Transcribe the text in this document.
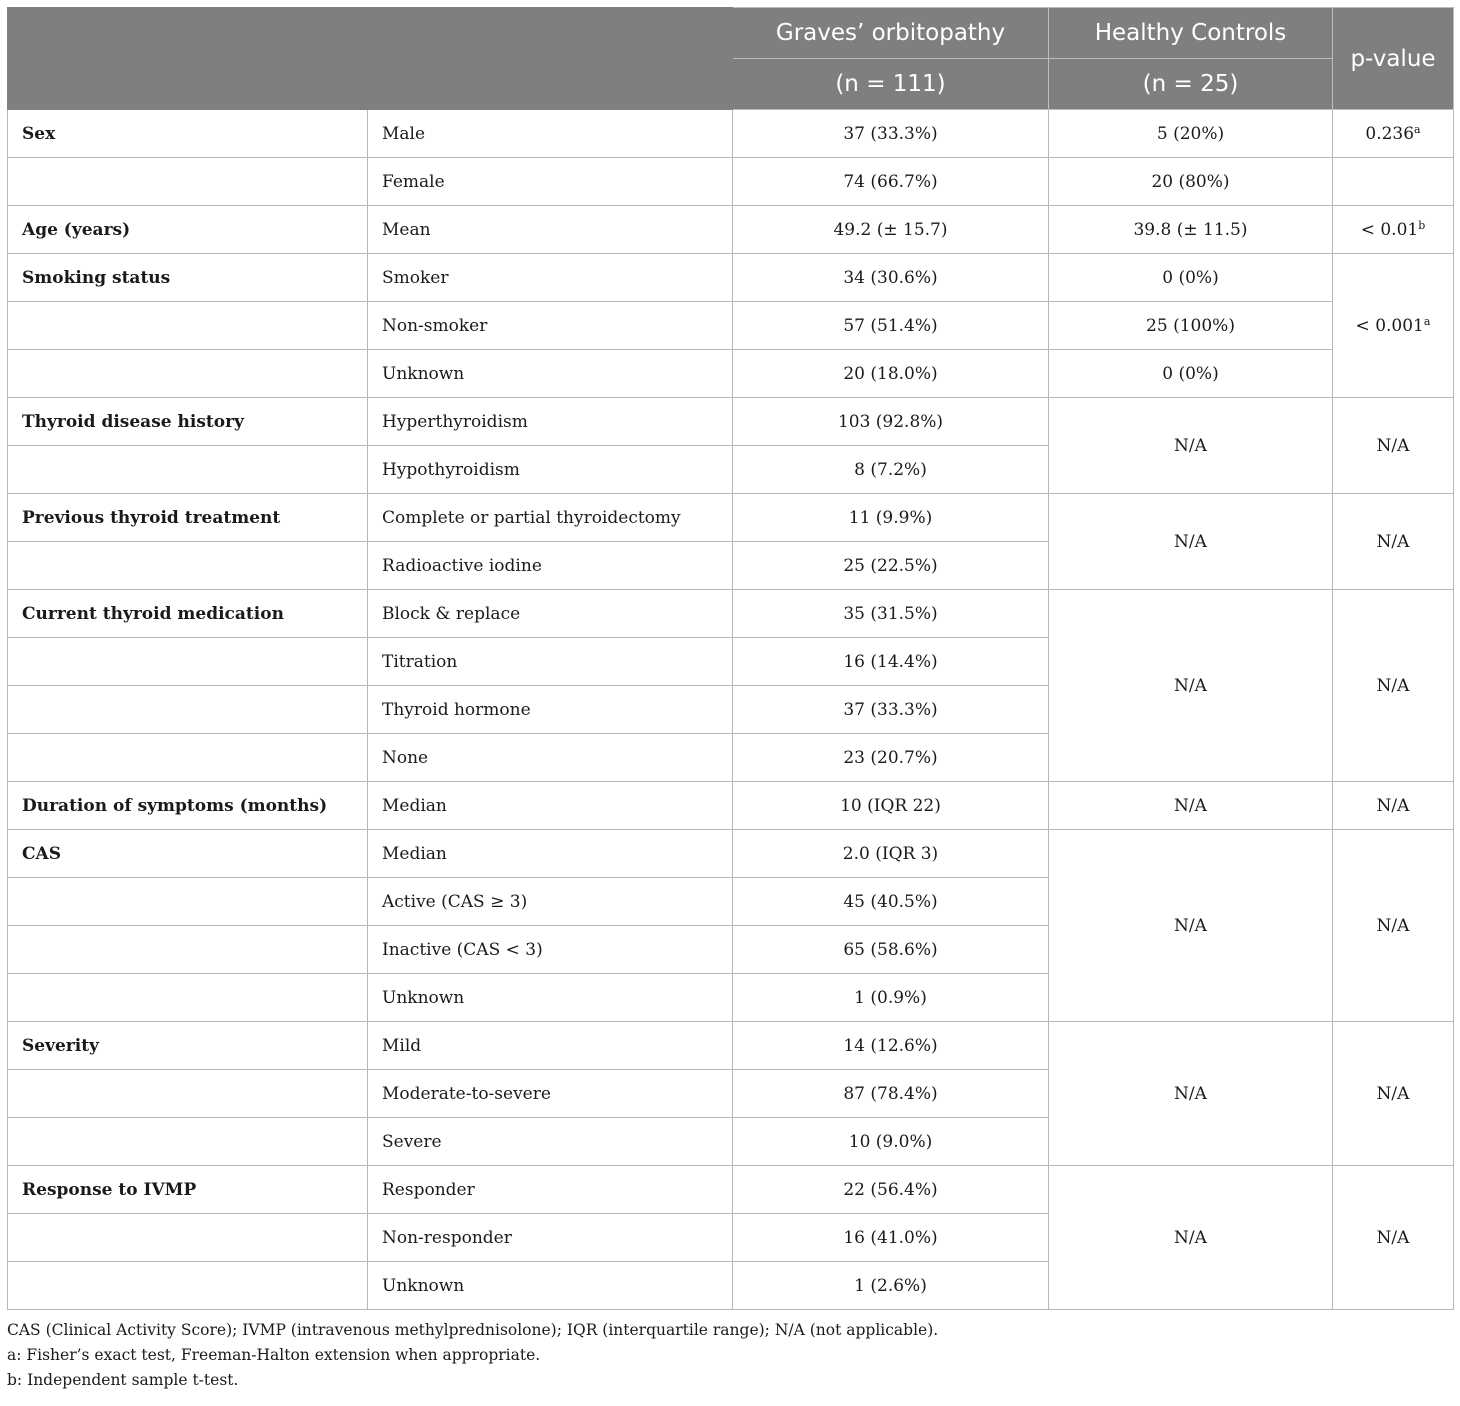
		Graves’ orbitopathy	Healthy Controls	p-value
		(n = 111)	(n = 25)	
Sex	Male	37 (33.3%)	5 (20%)	0.236$^a$
	Female	74 (66.7%)	20 (80%)	
Age (years)	Mean	49.2 (± 15.7)	39.8 (± 11.5)	< 0.01$^b$
Smoking status	Smoker	34 (30.6%)	0 (0%)	< 0.001$^a$
	Non-smoker	57 (51.4%)	25 (100%)	
	Unknown	20 (18.0%)	0 (0%)	
Thyroid disease history	Hyperthyroidism	103 (92.8%)	N/A	N/A
	Hypothyroidism	8 (7.2%)		
Previous thyroid treatment	Complete or partial thyroidectomy	11 (9.9%)	N/A	N/A
	Radioactive iodine	25 (22.5%)		
Current thyroid medication	Block & replace	35 (31.5%)	N/A	N/A
	Titration	16 (14.4%)		
	Thyroid hormone	37 (33.3%)		
	None	23 (20.7%)		
Duration of symptoms (months)	Median	10 (IQR 22)	N/A	N/A
CAS	Median	2.0 (IQR 3)	N/A	N/A
	Active (CAS ≥ 3)	45 (40.5%)		
	Inactive (CAS < 3)	65 (58.6%)		
	Unknown	1 (0.9%)		
Severity	Mild	14 (12.6%)	N/A	N/A
	Moderate-to-severe	87 (78.4%)		
	Severe	10 (9.0%)		
Response to IVMP	Responder	22 (56.4%)	N/A	N/A
	Non-responder	16 (41.0%)		
	Unknown	1 (2.6%)		
CAS (Clinical Activity Score); IVMP (intravenous methylprednisolone); IQR (interquartile range); N/A (not applicable).
a: Fisher’s exact test, Freeman-Halton extension when appropriate.
b: Independent sample t-test.
